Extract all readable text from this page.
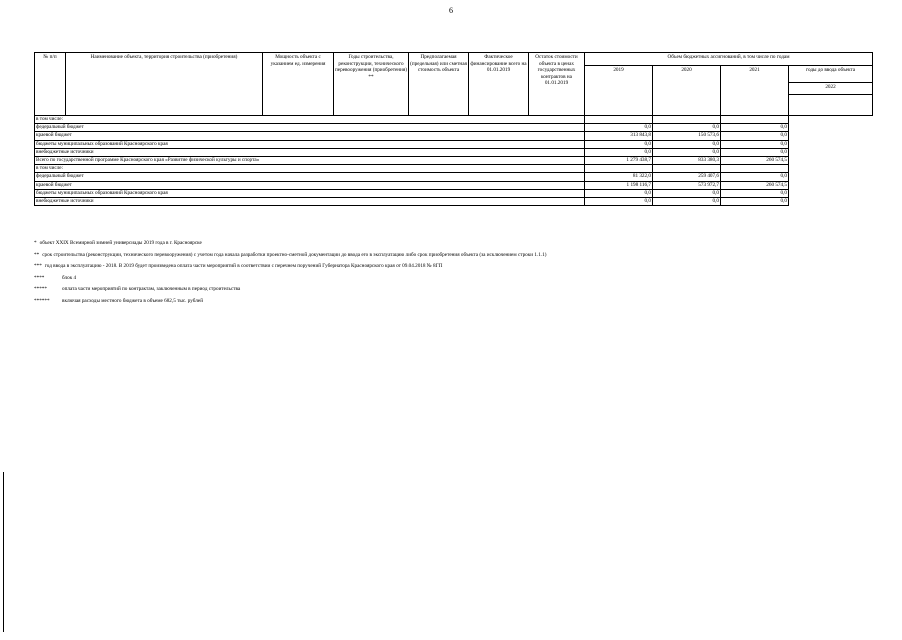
6
№ п/п	Наименование объекта, территория строительства (приобретения)	Мощность объекта с указанием ед. измерения	Годы строительства, реконструкции, технического перевооружения (приобретения) **	Предполагаемая (предельная) или сметная стоимость объекта	Фактическое финансирование всего на 01.01.2019	Остаток стоимости объекта в ценах государственных контрактов на 01.01.2019	Объем бюджетных ассигнований, в том числе по годам			
							2019	2020	2021	годы до ввода объекта
										2022

в том числе:										
федеральный бюджет							0,0	0,0	0,0	
краевой бюджет							313 843,8	150 573,6	0,0	
бюджеты муниципальных образований Красноярского края							0,0	0,0	0,0	
внебюджетные источники							0,0	0,0	0,0	
Всего по государственной программе Красноярского края «Развитие физической культуры и спорта»							1 279 438,7	833 380,3	260 574,5	
в том числе:										
федеральный бюджет							81 322,0	259 407,6	0,0	
краевой бюджет							1 198 116,7	573 972,7	260 574,5	
бюджеты муниципальных образований Красноярского края							0,0	0,0	0,0	
внебюджетные источники							0,0	0,0	0,0	
* объект XXIX Всемирной зимней универсиады 2019 года в г. Красноярске
** срок строительства (реконструкции, технического перевооружения) с учетом года начала разработки проектно-сметной документации до ввода его в эксплуатацию либо срок приобретения объекта (за исключением строки 1.1.1)
*** год ввода в эксплуатацию - 2018. В 2019 будет произведена оплата части мероприятий в соответствии с перечнем поручений Губернатора Красноярского края от 09.04.2018 № 8ГП
****	блок 4
*****	оплата части мероприятий по контрактам, заключенным в период строительства
****** включая расходы местного бюджета в объеме 682,5 тыс. рублей
